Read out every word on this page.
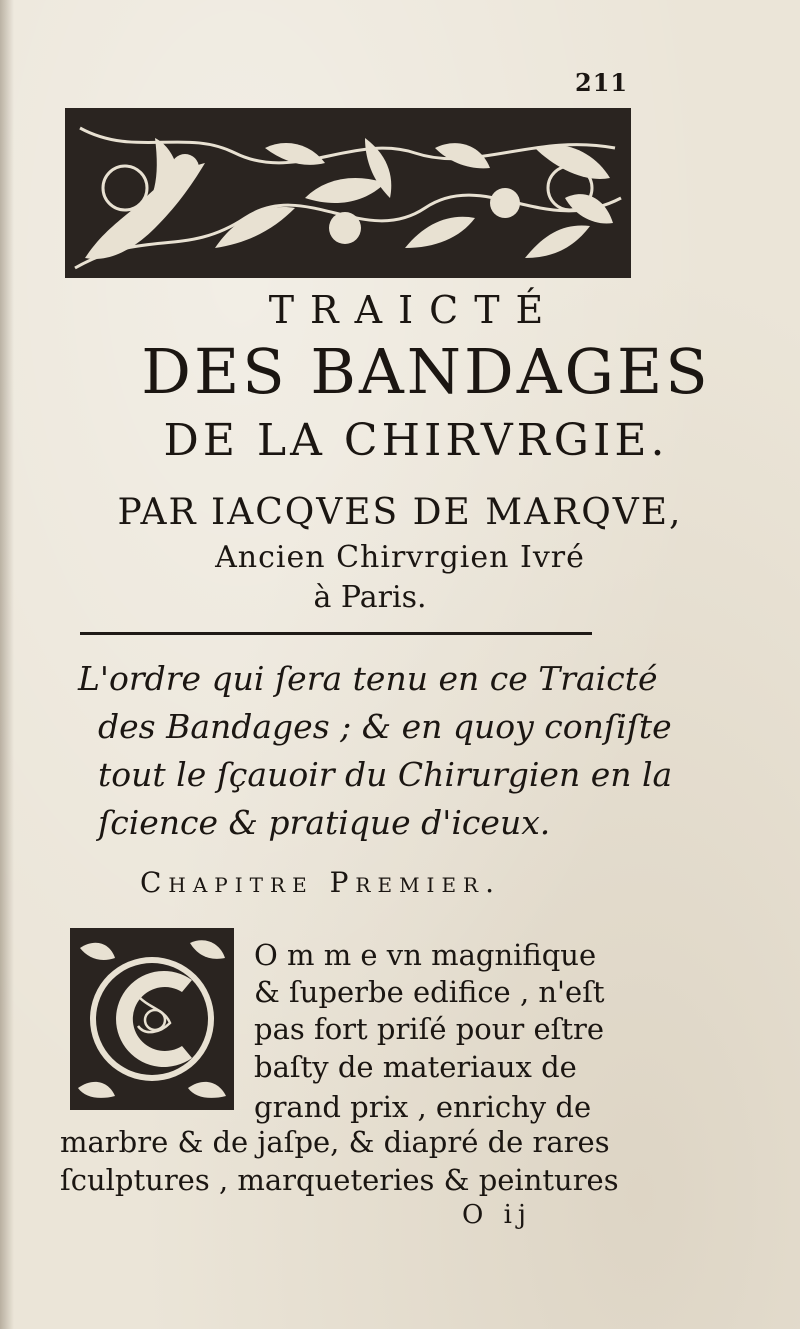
211
TRAICTÉ
DES BANDAGES
DE LA CHIRVRGIE.
PAR IACQVES DE MARQVE,
Ancien Chirvrgien Ivré
à Paris.
L'ordre qui ſera tenu en ce Traicté
des Bandages ; & en quoy conſiſte
tout le ſçauoir du Chirurgien en la
ſcience & pratique d'iceux.
Chapitre Premier.
O m m e vn magnifique
& ſuperbe edifice , n'eſt
pas fort priſé pour eſtre
baſty de materiaux de
grand prix , enrichy de
marbre & de jaſpe, & diapré de rares
ſculptures , marqueteries & peintures
O ij
